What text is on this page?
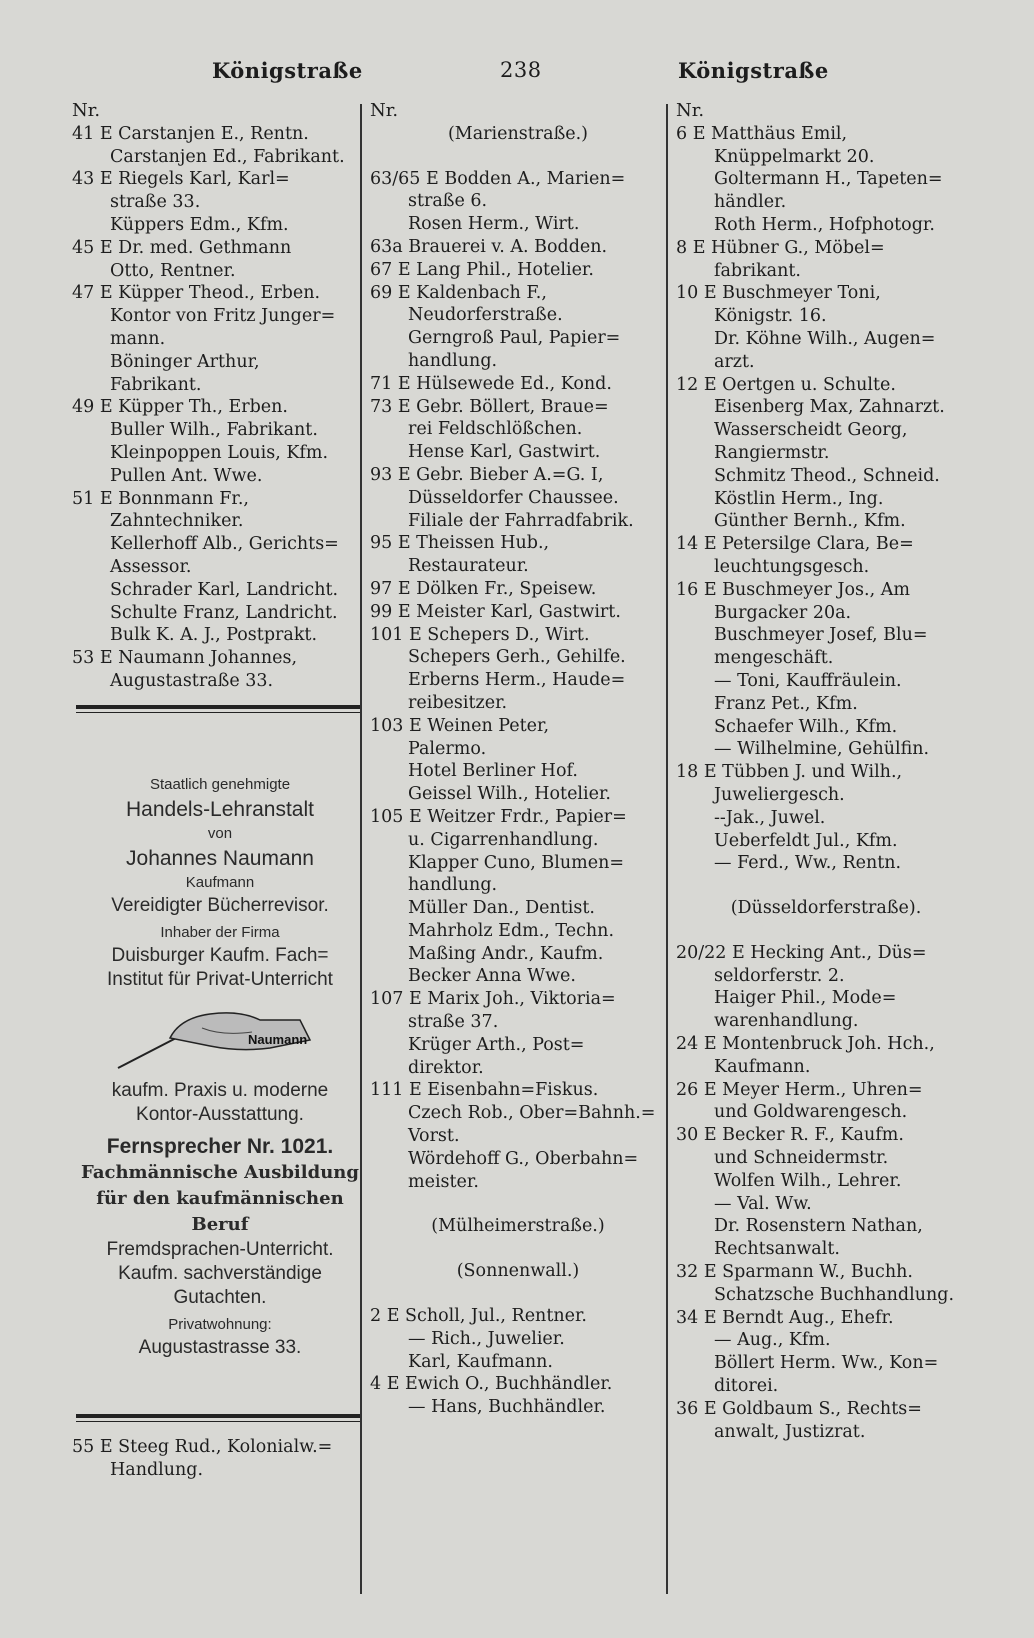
Königstraße	238	Königstraße
Nr.
41 E Carstanjen E., Rentn.
Carstanjen Ed., Fabrikant.
43 E Riegels Karl, Karl=
straße 33.
Küppers Edm., Kfm.
45 E Dr. med. Gethmann
Otto, Rentner.
47 E Küpper Theod., Erben.
Kontor von Fritz Junger=
mann.
Böninger Arthur,
Fabrikant.
49 E Küpper Th., Erben.
Buller Wilh., Fabrikant.
Kleinpoppen Louis, Kfm.
Pullen Ant. Wwe.
51 E Bonnmann Fr.,
Zahntechniker.
Kellerhoff Alb., Gerichts=
Assessor.
Schrader Karl, Landricht.
Schulte Franz, Landricht.
Bulk K. A. J., Postprakt.
53 E Naumann Johannes,
Augustastraße 33.
Staatlich genehmigte
Handels-Lehranstalt
von
Johannes Naumann
Kaufmann
Vereidigter Bücherrevisor.
Inhaber der Firma
Duisburger Kaufm. Fach=
Institut für Privat-Unterricht
Naumann
kaufm. Praxis u. moderne
Kontor-Ausstattung.
Fernsprecher Nr. 1021.
Fachmännische Ausbildung
für den kaufmännischen Beruf
Fremdsprachen-Unterricht.
Kaufm. sachverständige
Gutachten.
Privatwohnung:
Augustastrasse 33.
55 E Steeg Rud., Kolonialw.=
Handlung.
Nr.
(Marienstraße.)
63/65 E Bodden A., Marien=
straße 6.
Rosen Herm., Wirt.
63a Brauerei v. A. Bodden.
67 E Lang Phil., Hotelier.
69 E Kaldenbach F.,
Neudorferstraße.
Gerngroß Paul, Papier=
handlung.
71 E Hülsewede Ed., Kond.
73 E Gebr. Böllert, Braue=
rei Feldschlößchen.
Hense Karl, Gastwirt.
93 E Gebr. Bieber A.=G. I,
Düsseldorfer Chaussee.
Filiale der Fahrradfabrik.
95 E Theissen Hub.,
Restaurateur.
97 E Dölken Fr., Speisew.
99 E Meister Karl, Gastwirt.
101 E Schepers D., Wirt.
Schepers Gerh., Gehilfe.
Erberns Herm., Haude=
reibesitzer.
103 E Weinen Peter,
Palermo.
Hotel Berliner Hof.
Geissel Wilh., Hotelier.
105 E Weitzer Frdr., Papier=
u. Cigarrenhandlung.
Klapper Cuno, Blumen=
handlung.
Müller Dan., Dentist.
Mahrholz Edm., Techn.
Maßing Andr., Kaufm.
Becker Anna Wwe.
107 E Marix Joh., Viktoria=
straße 37.
Krüger Arth., Post=
direktor.
111 E Eisenbahn=Fiskus.
Czech Rob., Ober=Bahnh.=
Vorst.
Wördehoff G., Oberbahn=
meister.
(Mülheimerstraße.)
(Sonnenwall.)
2 E Scholl, Jul., Rentner.
— Rich., Juwelier.
Karl, Kaufmann.
4 E Ewich O., Buchhändler.
— Hans, Buchhändler.
Nr.
6 E Matthäus Emil,
Knüppelmarkt 20.
Goltermann H., Tapeten=
händler.
Roth Herm., Hofphotogr.
8 E Hübner G., Möbel=
fabrikant.
10 E Buschmeyer Toni,
Königstr. 16.
Dr. Köhne Wilh., Augen=
arzt.
12 E Oertgen u. Schulte.
Eisenberg Max, Zahnarzt.
Wasserscheidt Georg,
Rangiermstr.
Schmitz Theod., Schneid.
Köstlin Herm., Ing.
Günther Bernh., Kfm.
14 E Petersilge Clara, Be=
leuchtungsgesch.
16 E Buschmeyer Jos., Am
Burgacker 20a.
Buschmeyer Josef, Blu=
mengeschäft.
— Toni, Kauffräulein.
Franz Pet., Kfm.
Schaefer Wilh., Kfm.
— Wilhelmine, Gehülfin.
18 E Tübben J. und Wilh.,
Juweliergesch.
--Jak., Juwel.
Ueberfeldt Jul., Kfm.
— Ferd., Ww., Rentn.
(Düsseldorferstraße).
20/22 E Hecking Ant., Düs=
seldorferstr. 2.
Haiger Phil., Mode=
warenhandlung.
24 E Montenbruck Joh. Hch.,
Kaufmann.
26 E Meyer Herm., Uhren=
und Goldwarengesch.
30 E Becker R. F., Kaufm.
und Schneidermstr.
Wolfen Wilh., Lehrer.
— Val. Ww.
Dr. Rosenstern Nathan,
Rechtsanwalt.
32 E Sparmann W., Buchh.
Schatzsche Buchhandlung.
34 E Berndt Aug., Ehefr.
— Aug., Kfm.
Böllert Herm. Ww., Kon=
ditorei.
36 E Goldbaum S., Rechts=
anwalt, Justizrat.
